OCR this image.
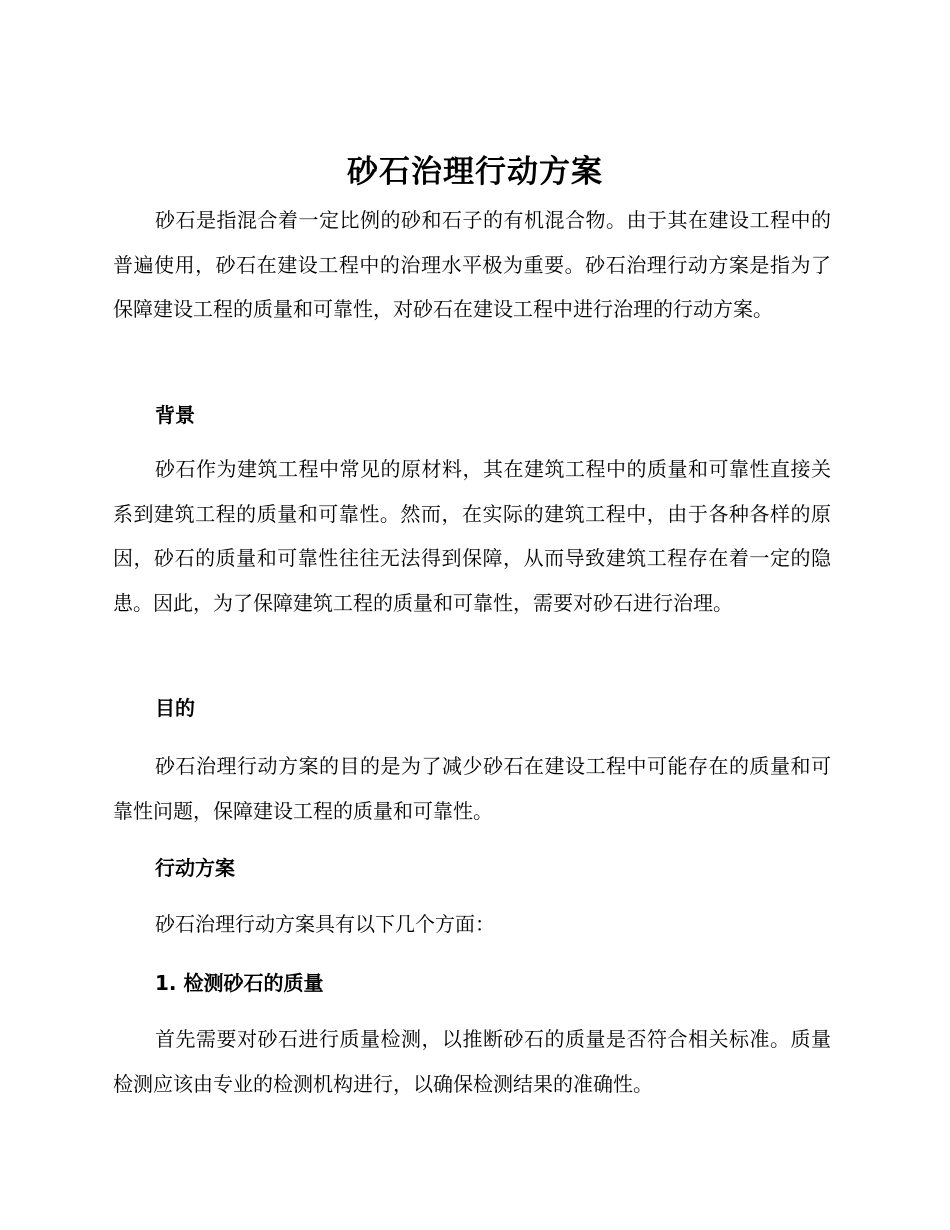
砂石治理行动方案

砂石是指混合着一定比例的砂和石子的有机混合物。由于其在建设工程中的普遍使用，砂石在建设工程中的治理水平极为重要。砂石治理行动方案是指为了保障建设工程的质量和可靠性，对砂石在建设工程中进行治理的行动方案。

背景

砂石作为建筑工程中常见的原材料，其在建筑工程中的质量和可靠性直接关系到建筑工程的质量和可靠性。然而，在实际的建筑工程中，由于各种各样的原因，砂石的质量和可靠性往往无法得到保障，从而导致建筑工程存在着一定的隐患。因此，为了保障建筑工程的质量和可靠性，需要对砂石进行治理。

目的

砂石治理行动方案的目的是为了减少砂石在建设工程中可能存在的质量和可靠性问题，保障建设工程的质量和可靠性。

行动方案

砂石治理行动方案具有以下几个方面：

1. 检测砂石的质量

首先需要对砂石进行质量检测，以推断砂石的质量是否符合相关标准。质量检测应该由专业的检测机构进行，以确保检测结果的准确性。
